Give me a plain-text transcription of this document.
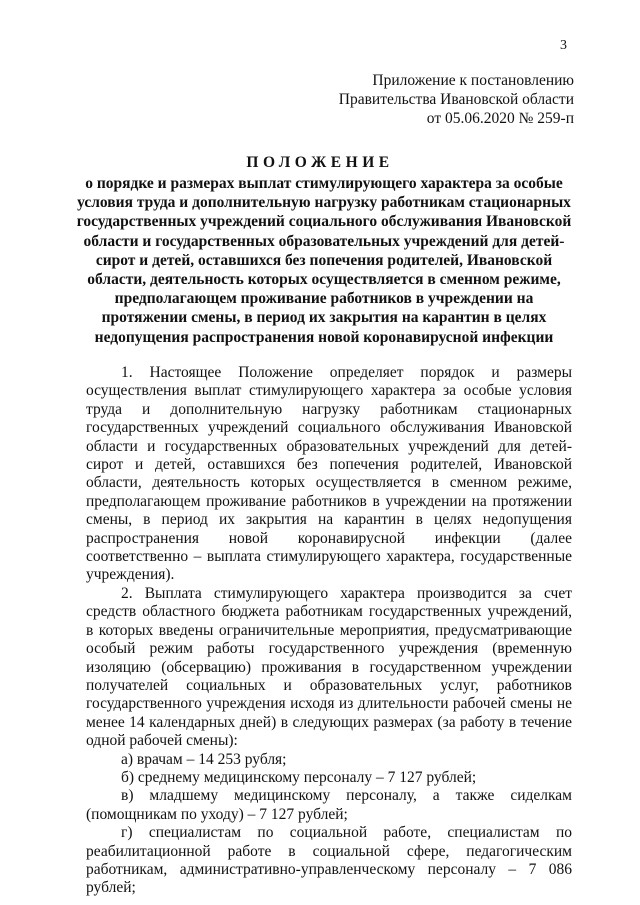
3
Приложение к постановлению
Правительства Ивановской области
от 05.06.2020 № 259-п
ПОЛОЖЕНИЕ
о порядке и размерах выплат стимулирующего характера за особые условия труда и дополнительную нагрузку работникам стационарных государственных учреждений социального обслуживания Ивановской области и государственных образовательных учреждений для детей-сирот и детей, оставшихся без попечения родителей, Ивановской области, деятельность которых осуществляется в сменном режиме, предполагающем проживание работников в учреждении на протяжении смены, в период их закрытия на карантин в целях недопущения распространения новой коронавирусной инфекции

1. Настоящее Положение определяет порядок и размеры осуществления выплат стимулирующего характера за особые условия труда и дополнительную нагрузку работникам стационарных государственных учреждений социального обслуживания Ивановской области и государственных образовательных учреждений для детей-сирот и детей, оставшихся без попечения родителей, Ивановской области, деятельность которых осуществляется в сменном режиме, предполагающем проживание работников в учреждении на протяжении смены, в период их закрытия на карантин в целях недопущения распространения новой коронавирусной инфекции (далее соответственно – выплата стимулирующего характера, государственные учреждения).

2. Выплата стимулирующего характера производится за счет средств областного бюджета работникам государственных учреждений, в которых введены ограничительные мероприятия, предусматривающие особый режим работы государственного учреждения (временную изоляцию (обсервацию) проживания в государственном учреждении получателей социальных и образовательных услуг, работников государственного учреждения исходя из длительности рабочей смены не менее 14 календарных дней) в следующих размерах (за работу в течение одной рабочей смены):

а) врачам – 14 253 рубля;

б) среднему медицинскому персоналу – 7 127 рублей;

в) младшему медицинскому персоналу, а также сиделкам (помощникам по уходу) – 7 127 рублей;

г) специалистам по социальной работе, специалистам по реабилитационной работе в социальной сфере, педагогическим работникам, административно-управленческому персоналу – 7 086 рублей;
